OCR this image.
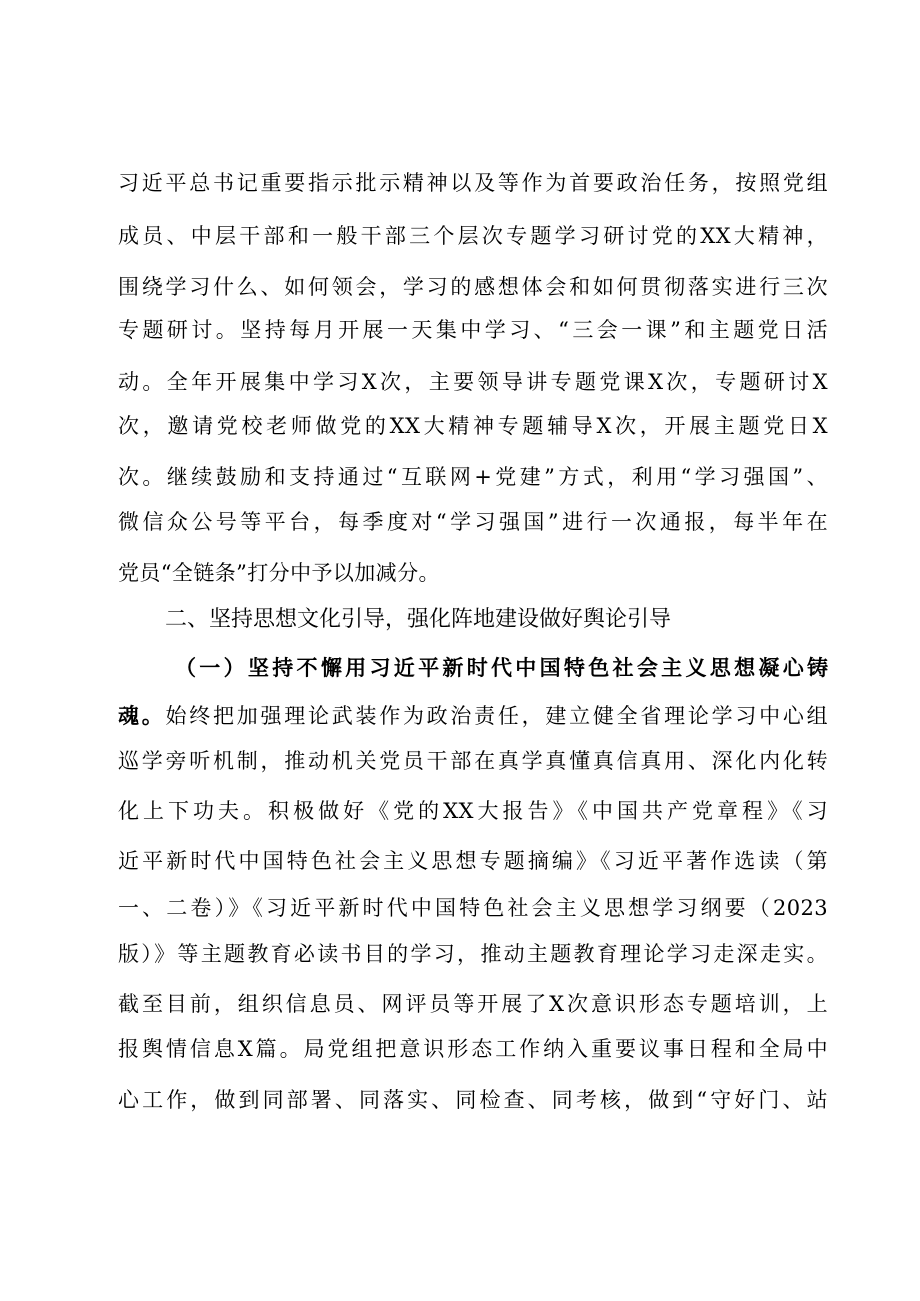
习近平总书记重要指示批示精神以及等作为首要政治任务，按照党组
成员、中层干部和一般干部三个层次专题学习研讨党的XX大精神，
围绕学习什么、如何领会，学习的感想体会和如何贯彻落实进行三次
专题研讨。坚持每月开展一天集中学习、“三会一课”和主题党日活
动。全年开展集中学习X次，主要领导讲专题党课X次，专题研讨X
次，邀请党校老师做党的XX大精神专题辅导X次，开展主题党日X
次。继续鼓励和支持通过“互联网+党建”方式，利用“学习强国”、
微信众公号等平台，每季度对“学习强国”进行一次通报，每半年在
党员“全链条”打分中予以加减分。
二、坚持思想文化引导，强化阵地建设做好舆论引导
（一）坚持不懈用习近平新时代中国特色社会主义思想凝心铸
魂。始终把加强理论武装作为政治责任，建立健全省理论学习中心组
巡学旁听机制，推动机关党员干部在真学真懂真信真用、深化内化转
化上下功夫。积极做好《党的XX大报告》《中国共产党章程》《习
近平新时代中国特色社会主义思想专题摘编》《习近平著作选读（第
一、二卷）》《习近平新时代中国特色社会主义思想学习纲要（2023
版）》等主题教育必读书目的学习，推动主题教育理论学习走深走实。
截至目前，组织信息员、网评员等开展了X次意识形态专题培训，上
报舆情信息X篇。局党组把意识形态工作纳入重要议事日程和全局中
心工作，做到同部署、同落实、同检查、同考核，做到“守好门、站
